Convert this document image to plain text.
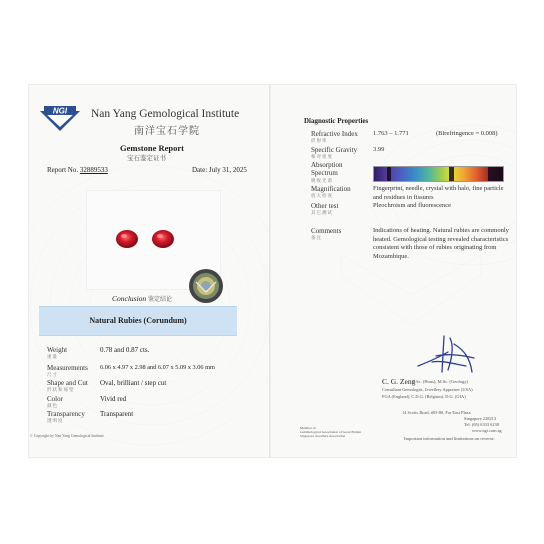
NGI Nan Yang Gemological Institute
南洋宝石学院
Gemstone Report
宝石鉴定证书
Report No. 32889533	Date: July 31, 2025
Conclusion 鉴定结论
Natural Rubies (Corundum)
Weight
重量
0.78 and 0.87 cts.
Measurements
尺寸
6.06 x 4.97 x 2.98 and 6.07 x 5.09 x 3.06 mm
Shape and Cut
形状和琢型
Oval, brilliant / step cut
Color
颜色
Vivid red
Transparency
透明度
Transparent
© Copyright by Nan Yang Gemological Institute
Diagnostic Properties
Refractive Index
折射率
1.763 – 1.771	(Birefringence = 0.008)
Specific Gravity
相对密度
3.99
Absorption
Spectrum
吸收光谱
Magnification
放大检查
Fingerprint, needle, crystal with halo, fine particle and residues in fissures
Other test
其它测试
Pleochroism and fluorescence
Comments
备注
Indications of heating. Natural rubies are commonly heated. Gemological testing revealed characteristics consistent with those of rubies originating from Mozambique.
C. G. Zeng
B.Sc. (Hons), M.Sc. (Geology)
Consultant Gemologist, Jewellery Appraiser (USA)
FGA (England), C.D.G. (Belgium), D.G. (GIA)
14 Scotts Road, #03-80, Far East Plaza
Singapore 228213
Tel: (65) 6333 6238
www.ngi.com.sg
Member of
Gemmological Association of Great Britain
Singapore Jewellers Association	Important information and limitations on reverse.
